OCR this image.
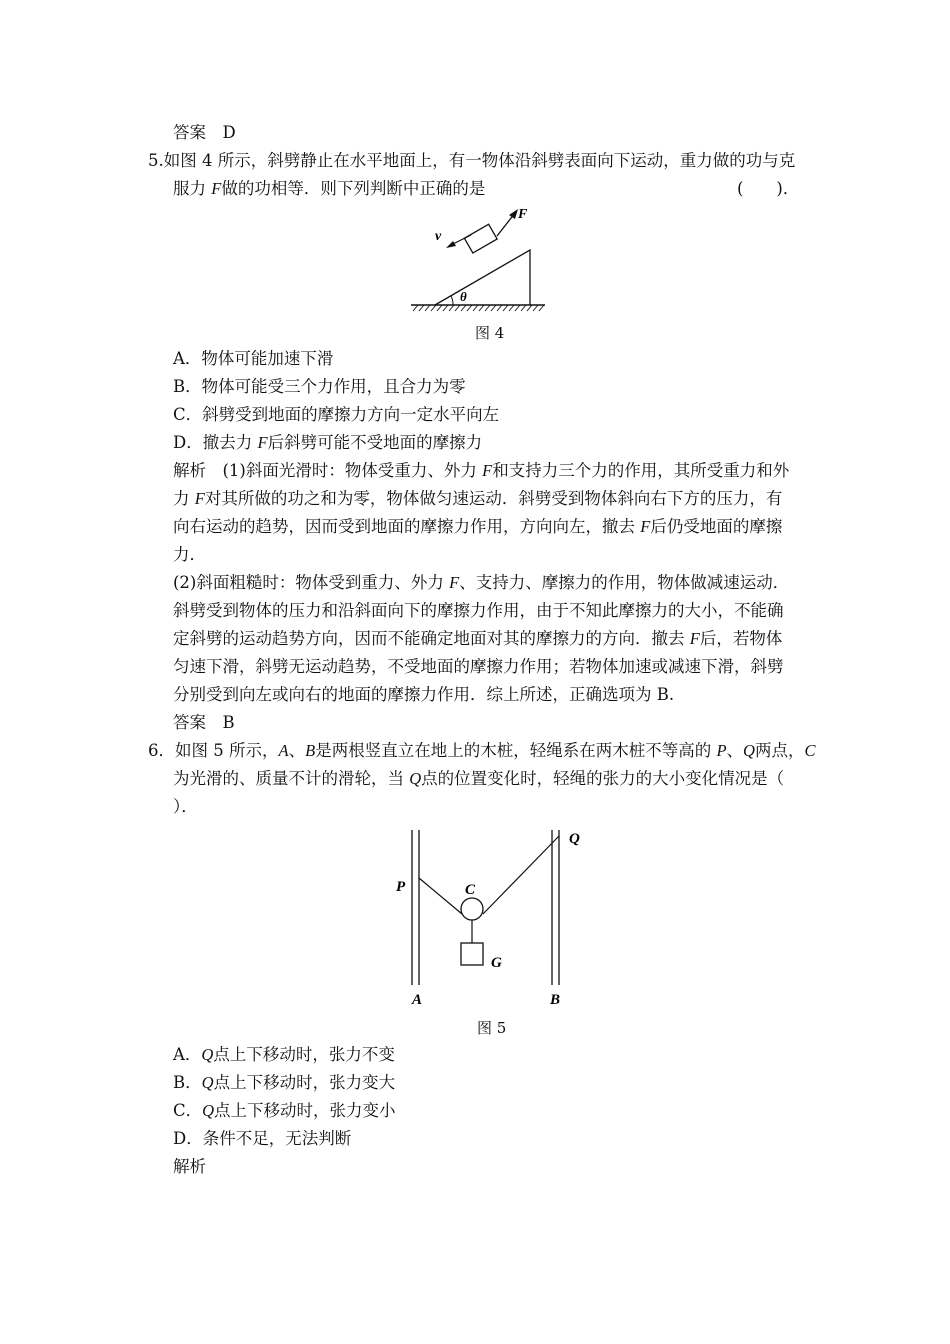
答案　D
5.如图 4 所示，斜劈静止在水平地面上，有一物体沿斜劈表面向下运动，重力做的功与克
服力 F做的功相等．则下列判断中正确的是	(　　)．
F
v
θ
图 4
A．物体可能加速下滑
B．物体可能受三个力作用，且合力为零
C．斜劈受到地面的摩擦力方向一定水平向左
D．撤去力 F后斜劈可能不受地面的摩擦力
解析　(1)斜面光滑时：物体受重力、外力 F和支持力三个力的作用，其所受重力和外
力 F对其所做的功之和为零，物体做匀速运动．斜劈受到物体斜向右下方的压力，有
向右运动的趋势，因而受到地面的摩擦力作用，方向向左，撤去 F后仍受地面的摩擦
力．
(2)斜面粗糙时：物体受到重力、外力 F、支持力、摩擦力的作用，物体做减速运动．
斜劈受到物体的压力和沿斜面向下的摩擦力作用，由于不知此摩擦力的大小，不能确
定斜劈的运动趋势方向，因而不能确定地面对其的摩擦力的方向．撤去 F后，若物体
匀速下滑，斜劈无运动趋势，不受地面的摩擦力作用；若物体加速或减速下滑，斜劈
分别受到向左或向右的地面的摩擦力作用．综上所述，正确选项为 B.
答案　B
6．如图 5 所示，A、B是两根竖直立在地上的木桩，轻绳系在两木桩不等高的 P、Q两点，C
为光滑的、质量不计的滑轮，当 Q点的位置变化时，轻绳的张力的大小变化情况是（
）．
P
Q
C
G
A	B
图 5
A．Q点上下移动时，张力不变
B．Q点上下移动时，张力变大
C．Q点上下移动时，张力变小
D．条件不足，无法判断
解析
